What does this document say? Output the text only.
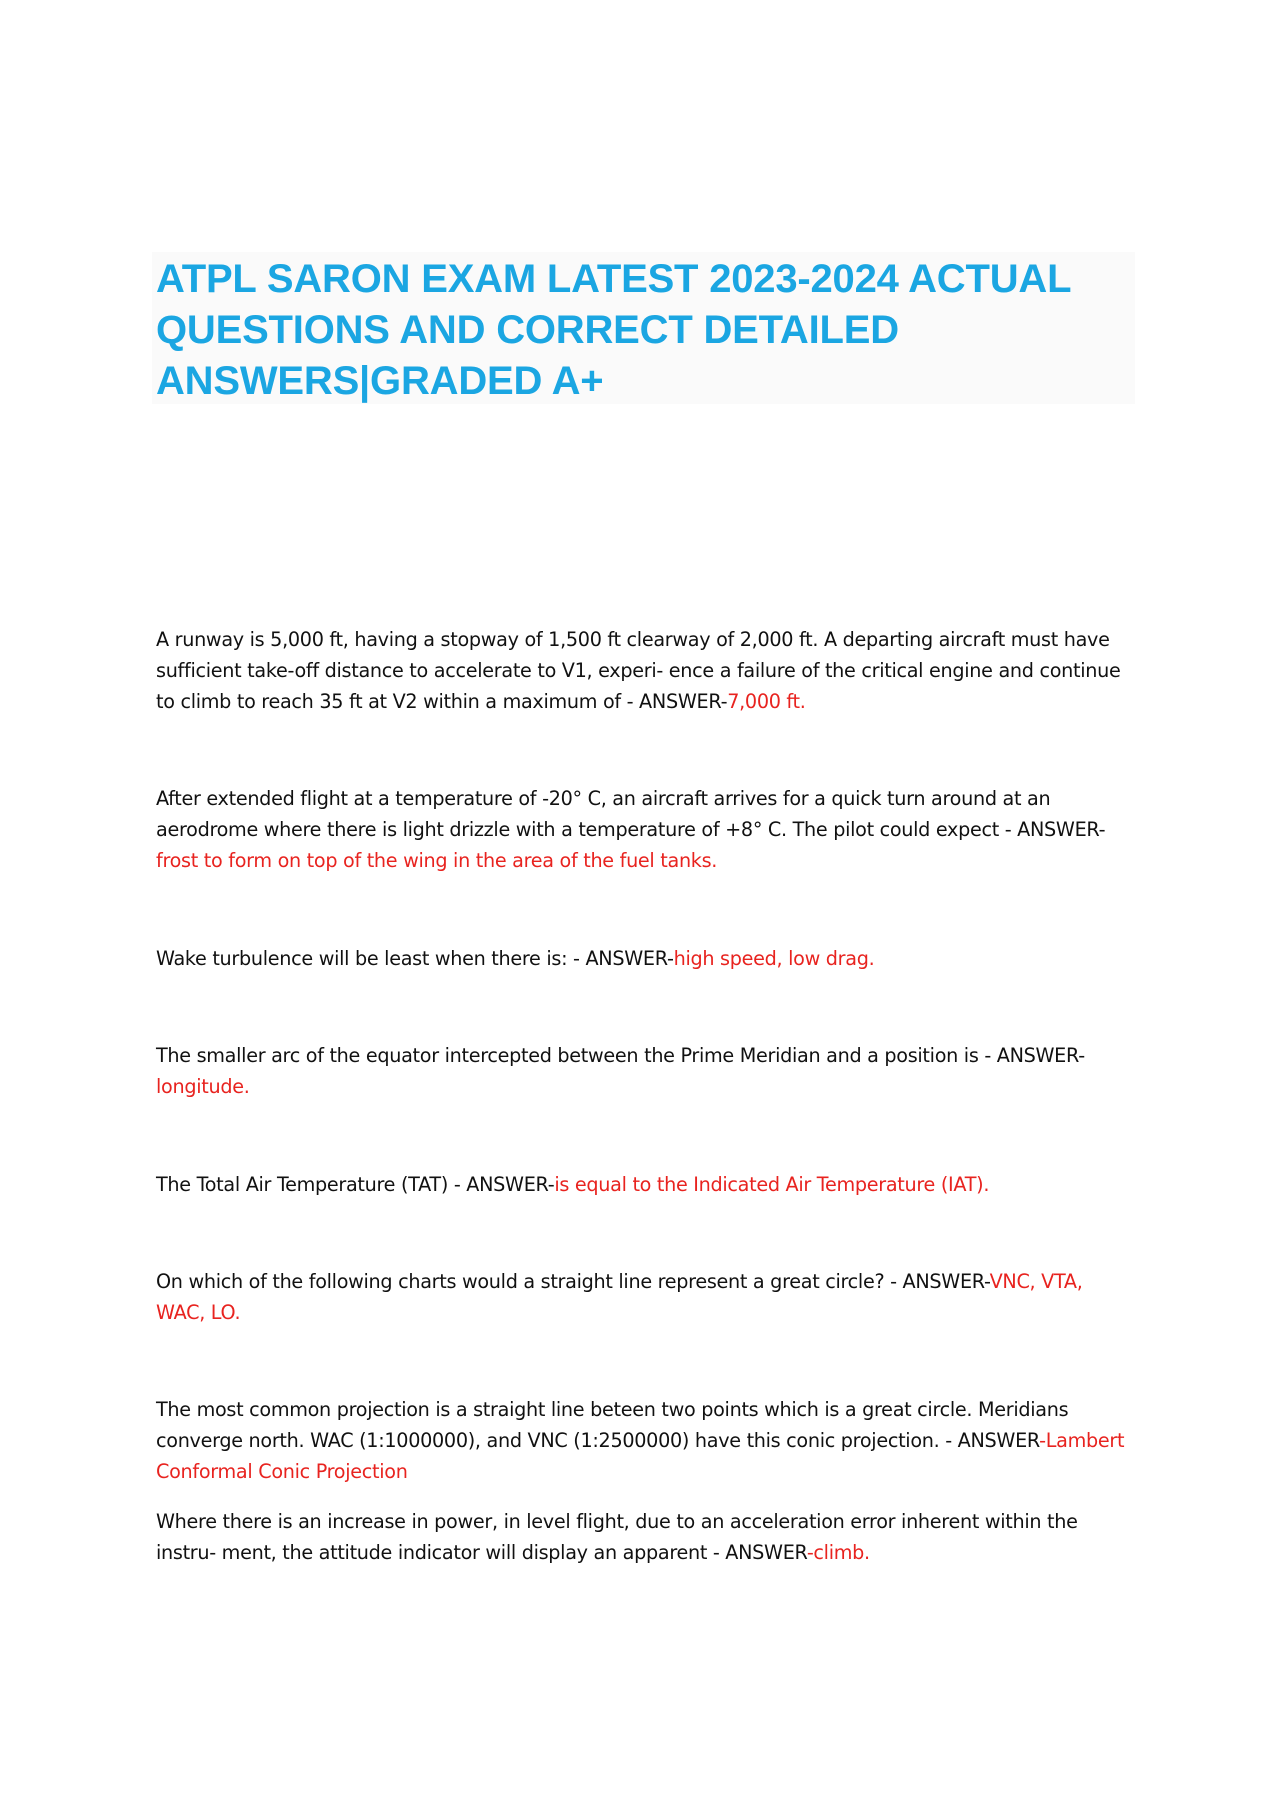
ATPL SARON EXAM LATEST 2023-2024 ACTUAL QUESTIONS AND CORRECT DETAILED ANSWERS|GRADED A+

A runway is 5,000 ft, having a stopway of 1,500 ft clearway of 2,000 ft. A departing aircraft must have sufficient take-off distance to accelerate to V1, experi- ence a failure of the critical engine and continue to climb to reach 35 ft at V2 within a maximum of - ANSWER-7,000 ft.

After extended flight at a temperature of -20° C, an aircraft arrives for a quick turn around at an aerodrome where there is light drizzle with a temperature of +8° C. The pilot could expect - ANSWER-
frost to form on top of the wing in the area of the fuel tanks.

Wake turbulence will be least when there is: - ANSWER-high speed, low drag.

The smaller arc of the equator intercepted between the Prime Meridian and a position is - ANSWER-
longitude.

The Total Air Temperature (TAT) - ANSWER-is equal to the Indicated Air Temperature (IAT).

On which of the following charts would a straight line represent a great circle? - ANSWER-VNC, VTA, WAC, LO.

The most common projection is a straight line beteen two points which is a great circle. Meridians converge north. WAC (1:1000000), and VNC (1:2500000) have this conic projection. - ANSWER-Lambert Conformal Conic Projection

Where there is an increase in power, in level flight, due to an acceleration error inherent within the instru- ment, the attitude indicator will display an apparent - ANSWER-climb.
